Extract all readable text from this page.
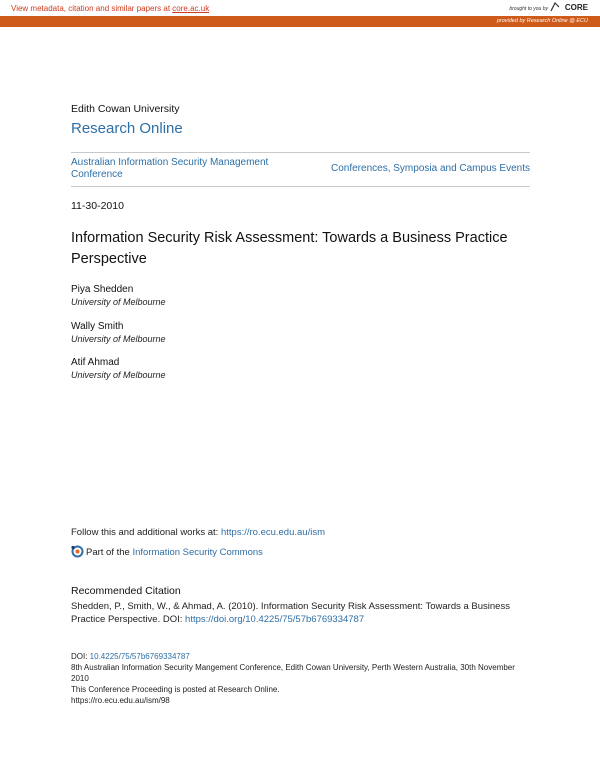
View metadata, citation and similar papers at core.ac.uk	brought to you by CORE
provided by Research Online @ ECU
Edith Cowan University
Research Online
Australian Information Security Management Conference
Conferences, Symposia and Campus Events
11-30-2010
Information Security Risk Assessment: Towards a Business Practice Perspective
Piya Shedden
University of Melbourne
Wally Smith
University of Melbourne
Atif Ahmad
University of Melbourne
Follow this and additional works at: https://ro.ecu.edu.au/ism
Part of the Information Security Commons
Recommended Citation
Shedden, P., Smith, W., & Ahmad, A. (2010). Information Security Risk Assessment: Towards a Business Practice Perspective. DOI: https://doi.org/10.4225/75/57b6769334787
DOI: 10.4225/75/57b6769334787
8th Australian Information Security Mangement Conference, Edith Cowan University, Perth Western Australia, 30th November 2010
This Conference Proceeding is posted at Research Online.
https://ro.ecu.edu.au/ism/98
